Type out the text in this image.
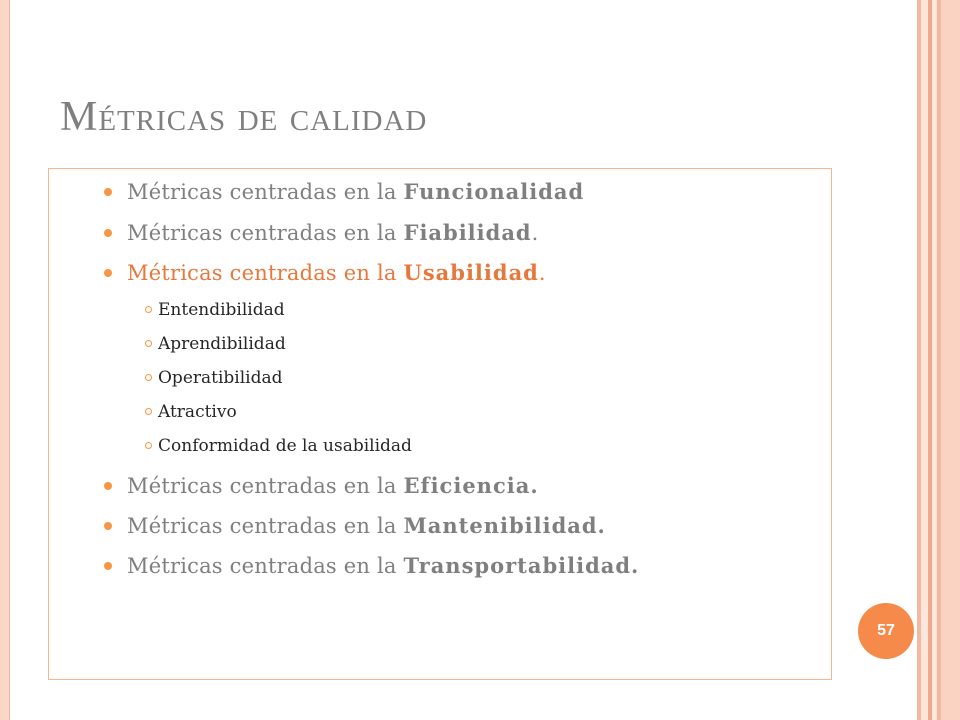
Métricas de calidad
Métricas centradas en la Funcionalidad
Métricas centradas en la Fiabilidad.
Métricas centradas en la Usabilidad.
Entendibilidad
Aprendibilidad
Operatibilidad
Atractivo
Conformidad de la usabilidad
Métricas centradas en la Eficiencia.
Métricas centradas en la Mantenibilidad.
Métricas centradas en la Transportabilidad.
57
